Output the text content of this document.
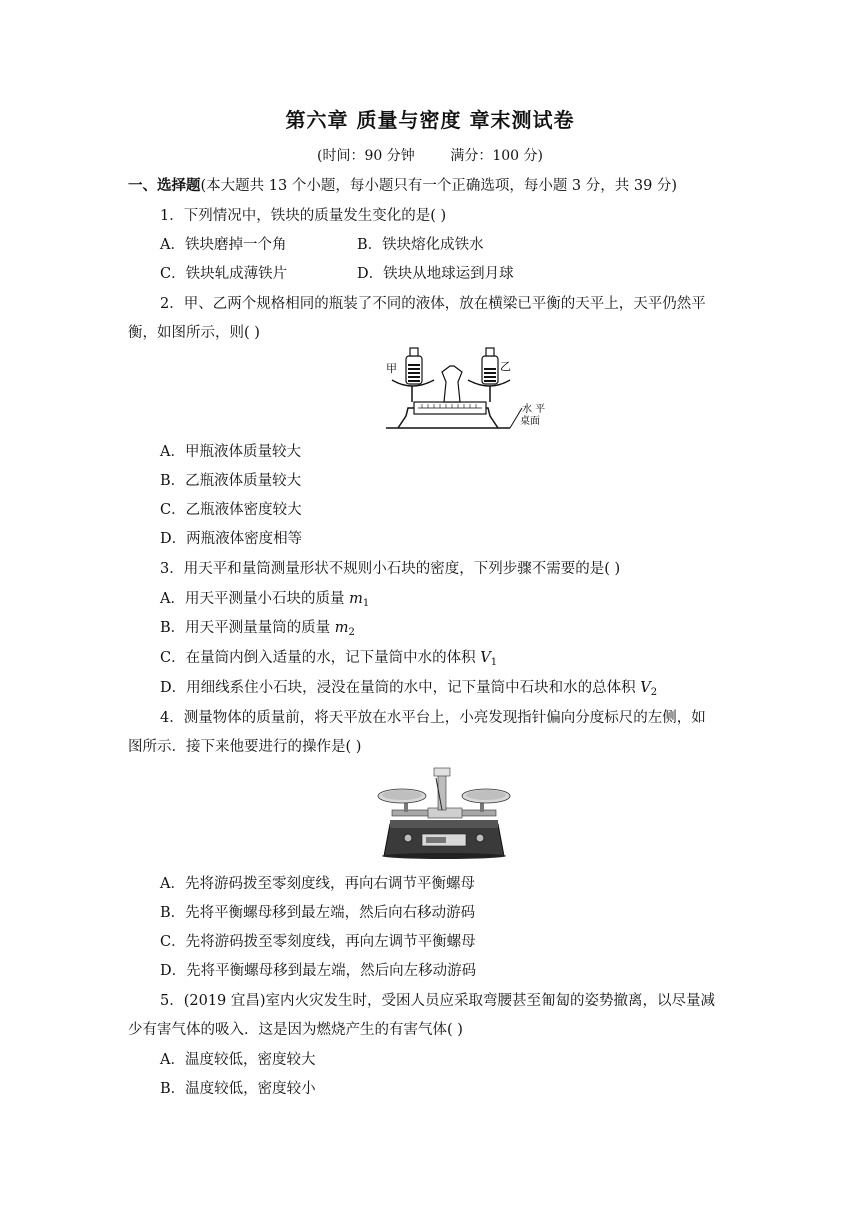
第六章 质量与密度 章末测试卷
(时间：90 分钟        满分：100 分)
一、选择题(本大题共 13 个小题，每小题只有一个正确选项，每小题 3 分，共 39 分)
1．下列情况中，铁块的质量发生变化的是( )
A．铁块磨掉一个角	B．铁块熔化成铁水
C．铁块轧成薄铁片	D．铁块从地球运到月球
2．甲、乙两个规格相同的瓶装了不同的液体，放在横梁已平衡的天平上，天平仍然平
衡，如图所示，则( )
甲	乙
水 平
桌面
A．甲瓶液体质量较大
B．乙瓶液体质量较大
C．乙瓶液体密度较大
D．两瓶液体密度相等
3．用天平和量筒测量形状不规则小石块的密度，下列步骤不需要的是( )
A．用天平测量小石块的质量 $m_1$
B．用天平测量量筒的质量 $m_2$
C．在量筒内倒入适量的水，记下量筒中水的体积 $V_1$
D．用细线系住小石块，浸没在量筒的水中，记下量筒中石块和水的总体积 $V_2$
4．测量物体的质量前，将天平放在水平台上，小亮发现指针偏向分度标尺的左侧，如
图所示．接下来他要进行的操作是( )
A．先将游码拨至零刻度线，再向右调节平衡螺母
B．先将平衡螺母移到最左端，然后向右移动游码
C．先将游码拨至零刻度线，再向左调节平衡螺母
D．先将平衡螺母移到最左端，然后向左移动游码
5．(2019 宜昌)室内火灾发生时，受困人员应采取弯腰甚至匍匐的姿势撤离，以尽量减
少有害气体的吸入．这是因为燃烧产生的有害气体( )
A．温度较低，密度较大
B．温度较低，密度较小
